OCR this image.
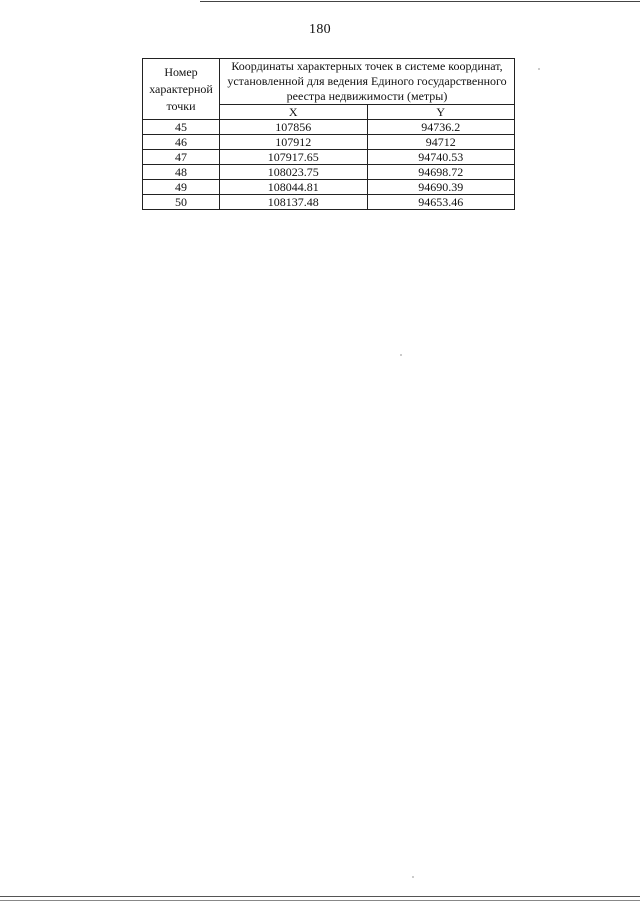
180
Номер характерной точки	Координаты характерных точек в системе координат, установленной для ведения Единого государственного реестра недвижимости (метры)	
	X	Y
45	107856	94736.2
46	107912	94712
47	107917.65	94740.53
48	108023.75	94698.72
49	108044.81	94690.39
50	108137.48	94653.46
